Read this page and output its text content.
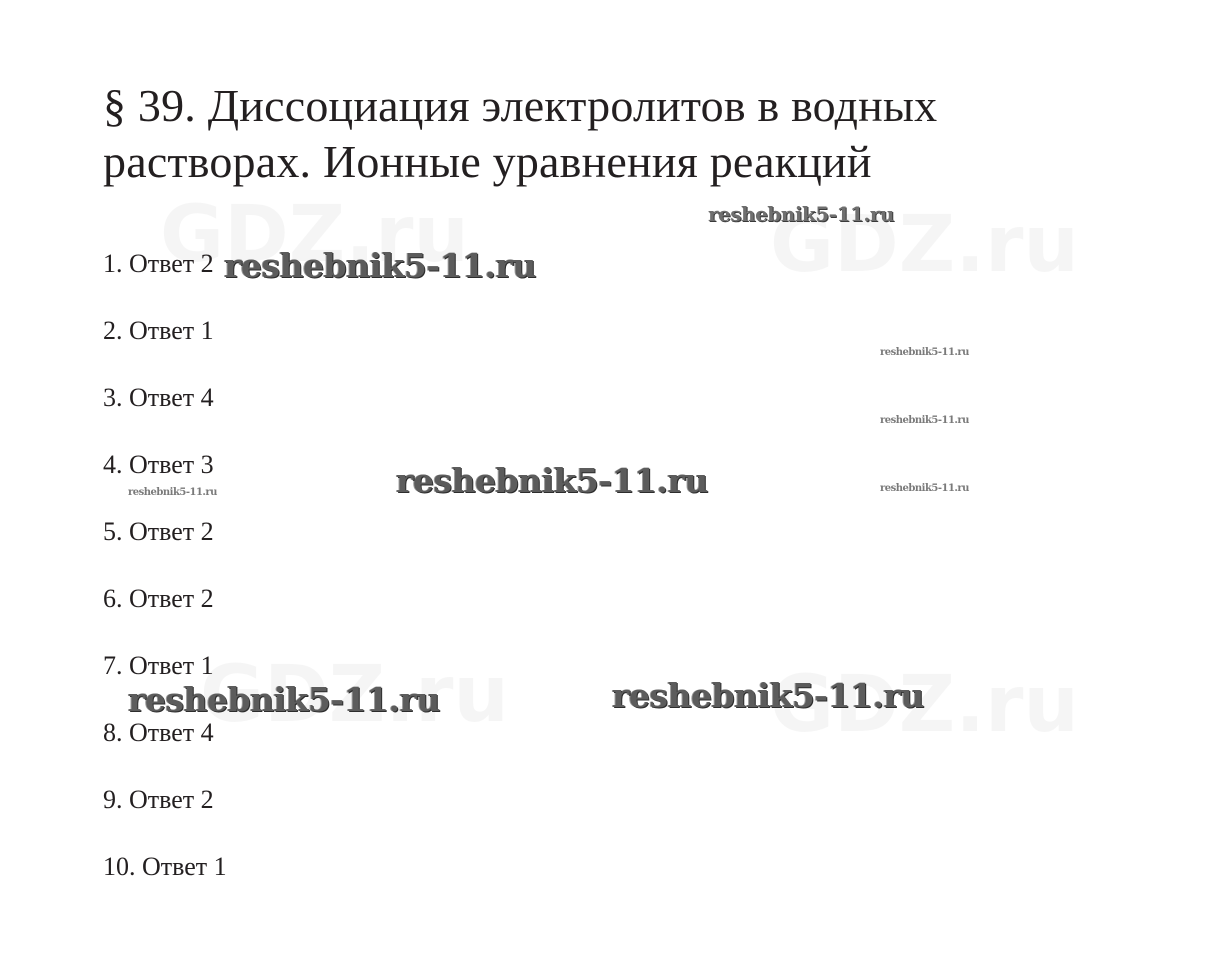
§ 39. Диссоциация электролитов в водных растворах. Ионные уравнения реакций
1. Ответ 2
2. Ответ 1
3. Ответ 4
4. Ответ 3
5. Ответ 2
6. Ответ 2
7. Ответ 1
8. Ответ 4
9. Ответ 2
10. Ответ 1
reshebnik5-11.ru
reshebnik5-11.ru
reshebnik5-11.ru
reshebnik5-11.ru
reshebnik5-11.ru
reshebnik5-11.ru	reshebnik5-11.ru
reshebnik5-11.ru	reshebnik5-11.ru
